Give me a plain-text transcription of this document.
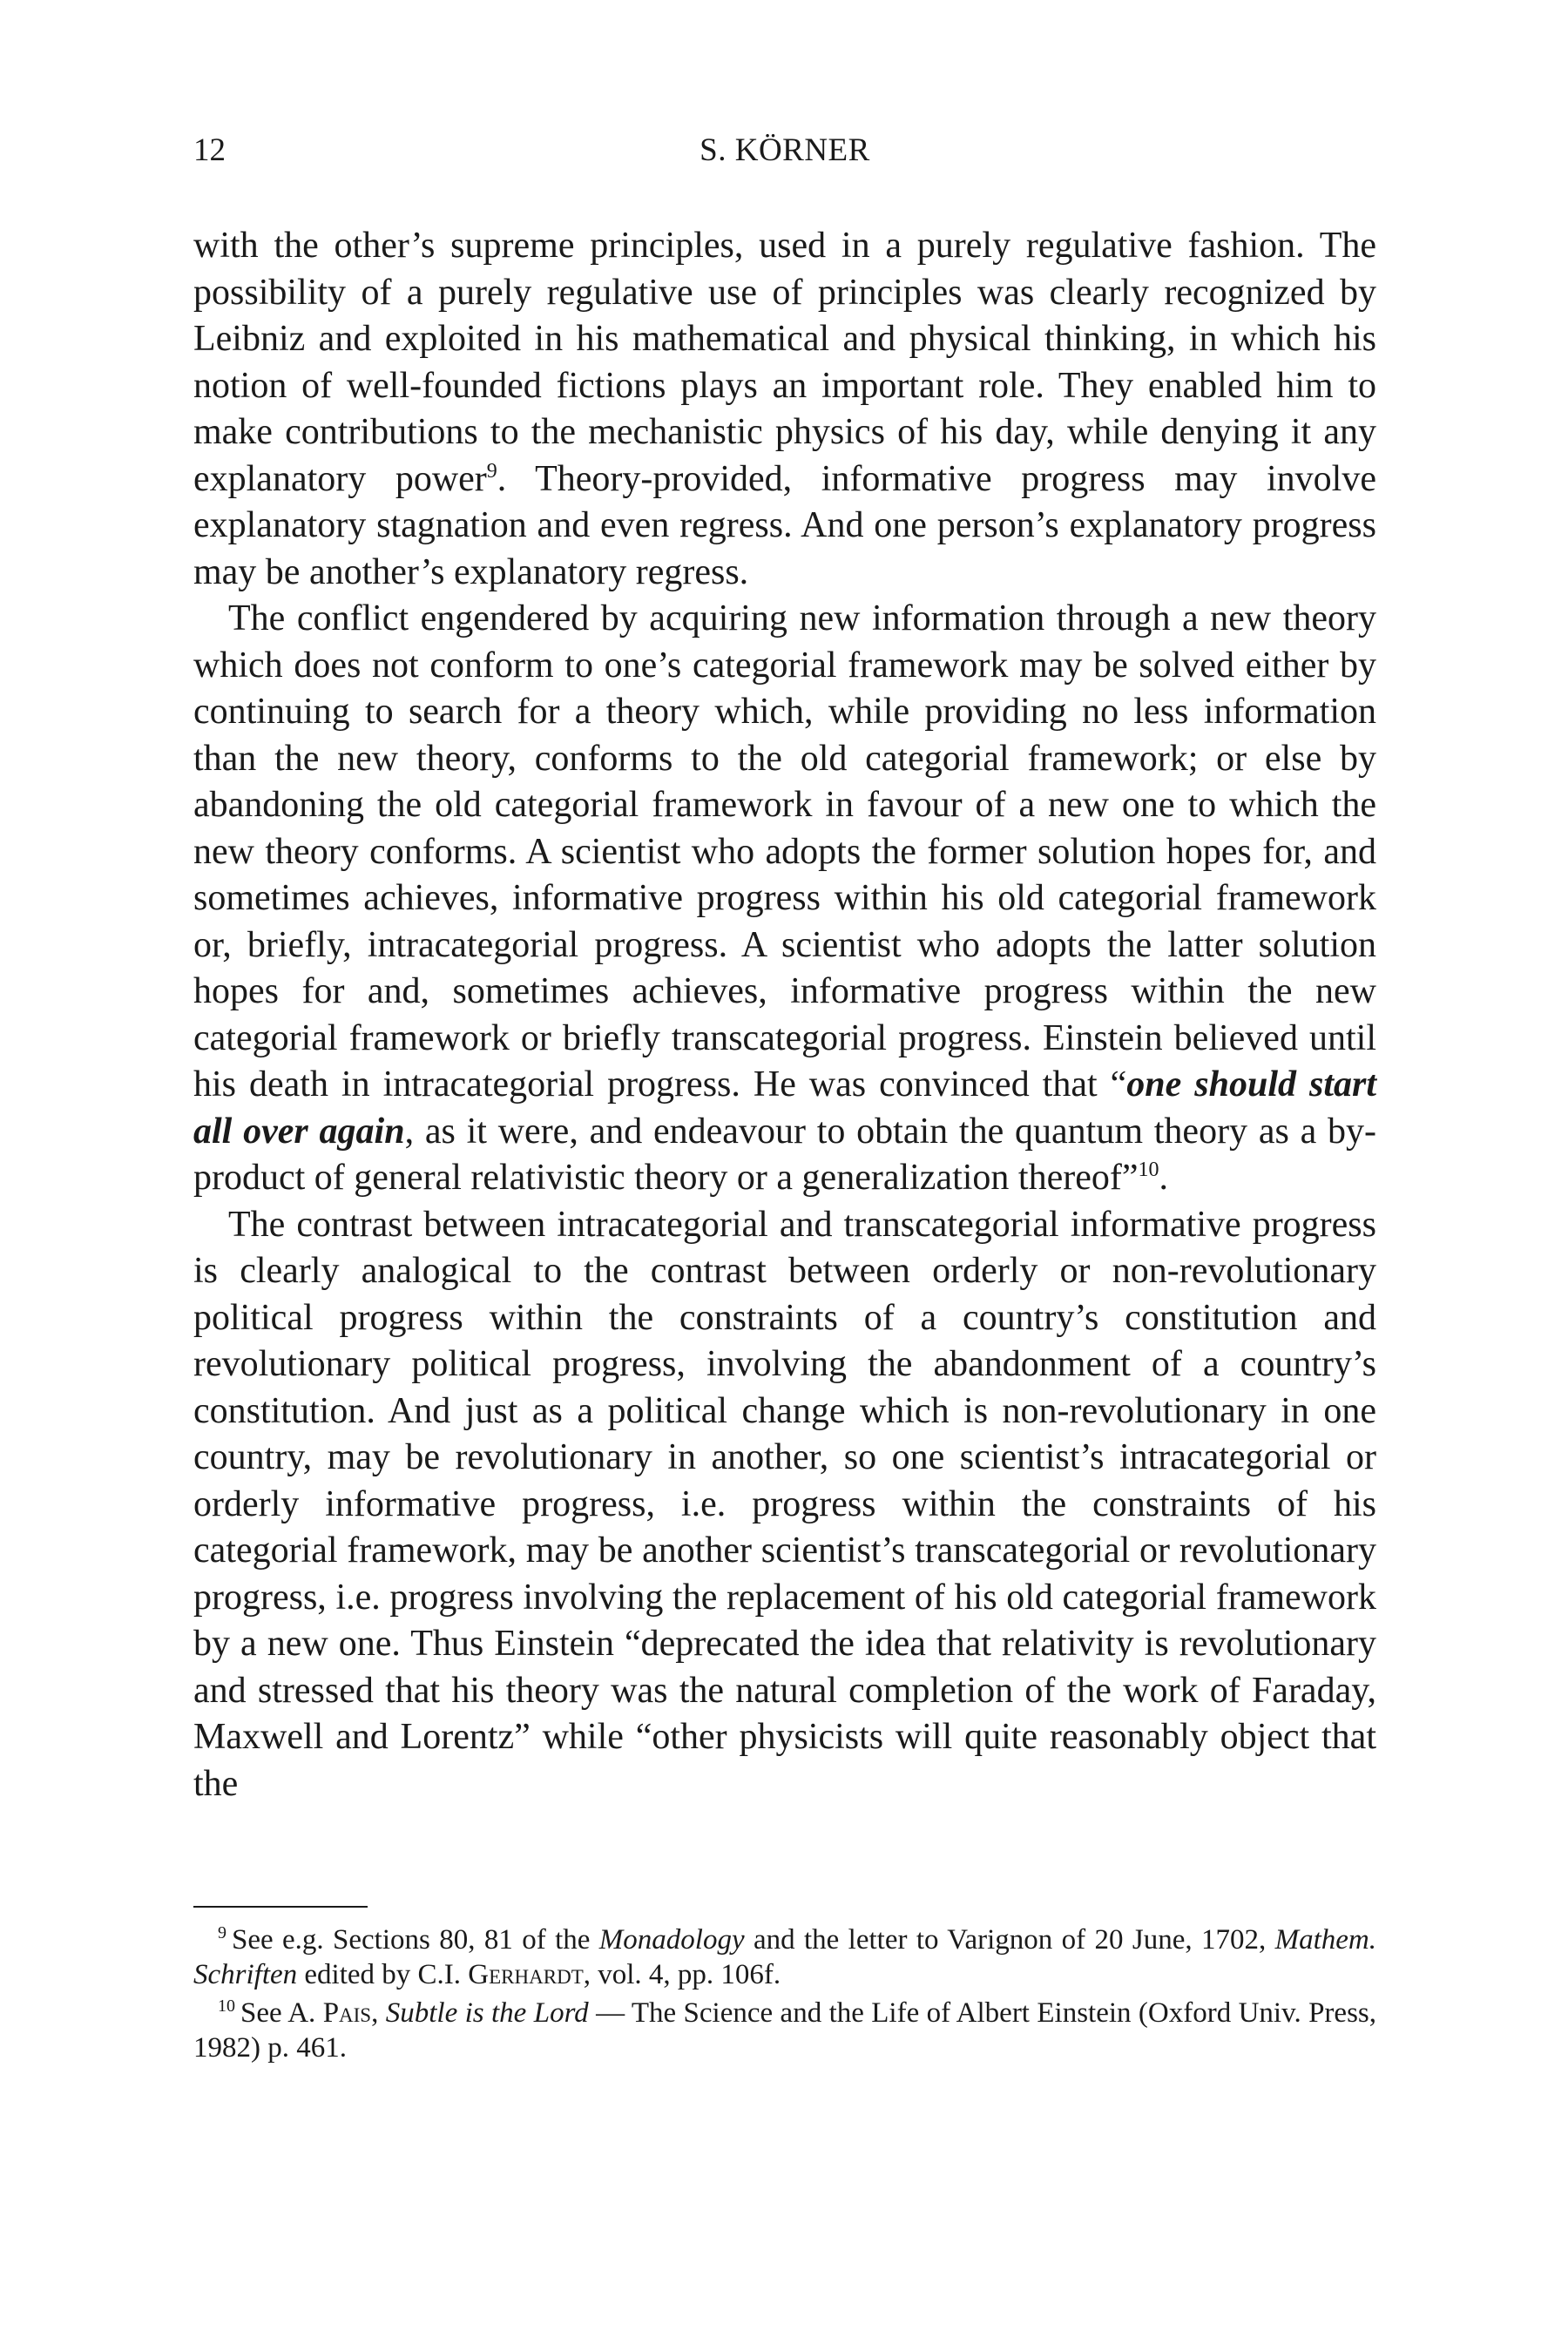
12	S. KÖRNER

with the other’s supreme principles, used in a purely regulative fashion. The possibility of a purely regulative use of principles was clearly recognized by Leibniz and exploited in his mathematical and physical thinking, in which his notion of well-founded fictions plays an important role. They enabled him to make contributions to the mechanistic physics of his day, while denying it any explanatory power$^9$. Theory-provided, informative progress may involve explanatory stagnation and even regress. And one person’s explanatory progress may be another’s explanatory regress.

The conflict engendered by acquiring new information through a new theory which does not conform to one’s categorial framework may be solved either by continuing to search for a theory which, while providing no less information than the new theory, conforms to the old categorial framework; or else by abandoning the old categorial framework in favour of a new one to which the new theory conforms. A scientist who adopts the former solution hopes for, and sometimes achieves, informative progress within his old categorial framework or, briefly, intracategorial progress. A scientist who adopts the latter solution hopes for and, sometimes achieves, informative progress within the new categorial framework or briefly transcategorial progress. Einstein believed until his death in intracategorial progress. He was convinced that “one should start all over again, as it were, and endeavour to obtain the quantum theory as a by-product of general relativistic theory or a generalization thereof”$^{10}$.

The contrast between intracategorial and transcategorial informative progress is clearly analogical to the contrast between orderly or non-revolutionary political progress within the constraints of a country’s constitution and revolutionary political progress, involving the abandonment of a country’s constitution. And just as a political change which is non-revolutionary in one country, may be revolutionary in another, so one scientist’s intracategorial or orderly informative progress, i.e. progress within the constraints of his categorial framework, may be another scientist’s transcategorial or revolutionary progress, i.e. progress involving the replacement of his old categorial framework by a new one. Thus Einstein “deprecated the idea that relativity is revolutionary and stressed that his theory was the natural completion of the work of Faraday, Maxwell and Lorentz” while “other physicists will quite reasonably object that the

$^9$ See e.g. Sections 80, 81 of the Monadology and the letter to Varignon of 20 June, 1702, Mathem. Schriften edited by C.I. Gerhardt, vol. 4, pp. 106f.

$^{10}$ See A. Pais, Subtle is the Lord — The Science and the Life of Albert Einstein (Oxford Univ. Press, 1982) p. 461.
